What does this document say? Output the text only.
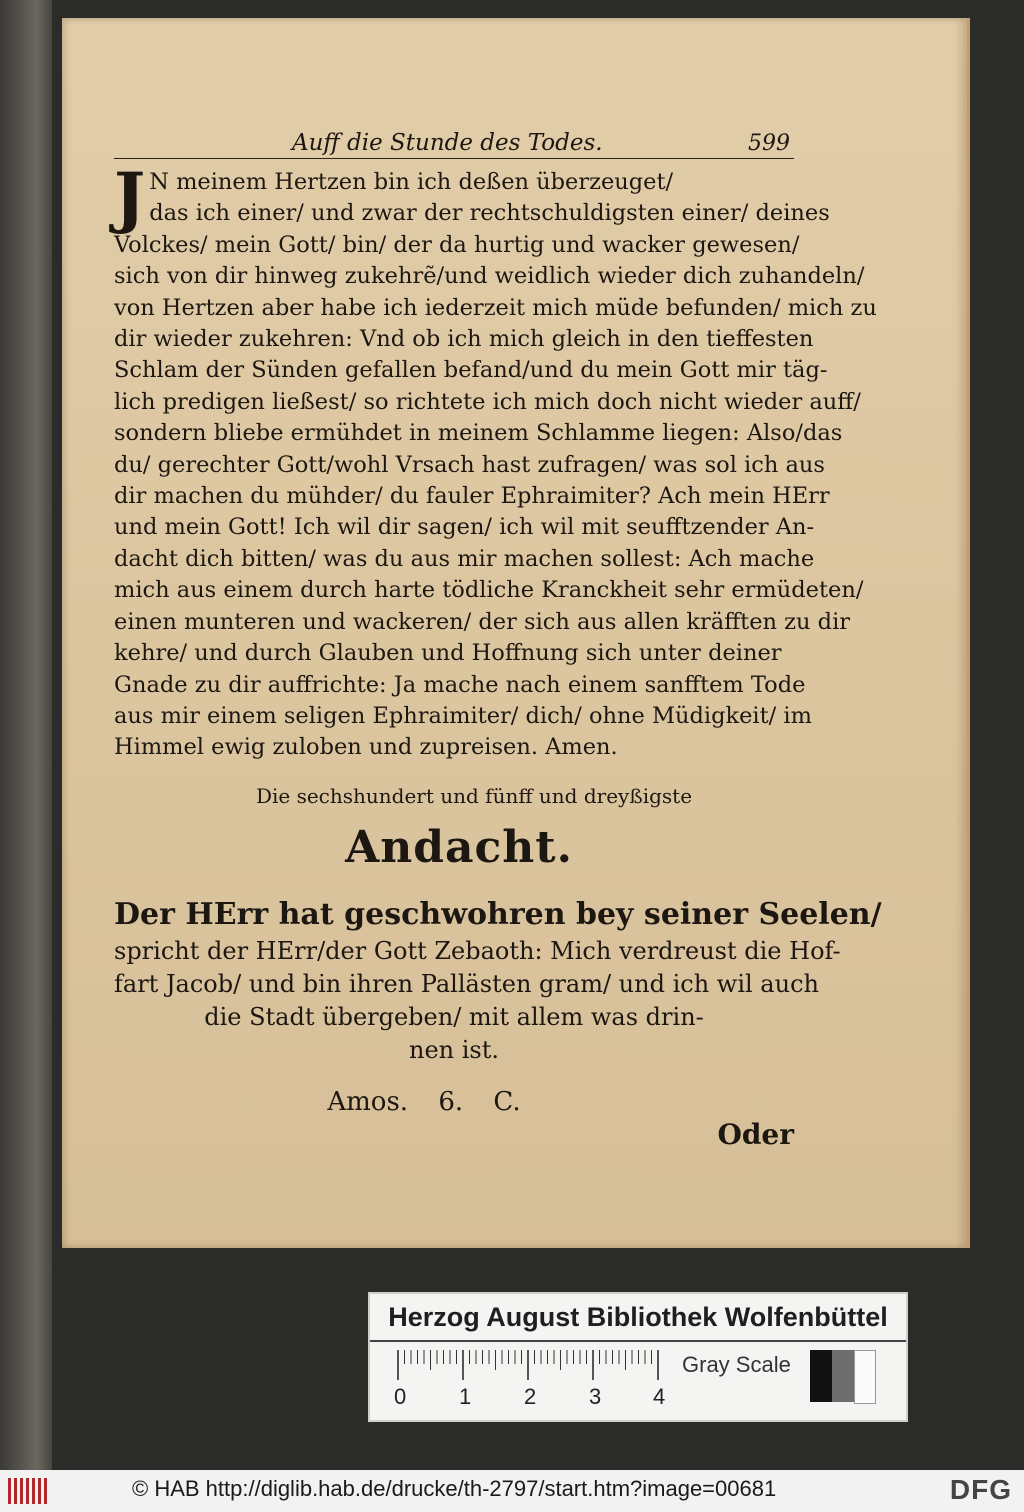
Auff die Stunde des Todes.	599
J N meinem Hertzen bin ich deßen überzeuget/
das ich einer/ und zwar der rechtschuldigsten einer/ deines
Volckes/ mein Gott/ bin/ der da hurtig und wacker gewesen/
sich von dir hinweg zukehrẽ/und weidlich wieder dich zuhandeln/
von Hertzen aber habe ich iederzeit mich müde befunden/ mich zu
dir wieder zukehren: Vnd ob ich mich gleich in den tieffesten
Schlam der Sünden gefallen befand/und du mein Gott mir täg-
lich predigen ließest/ so richtete ich mich doch nicht wieder auff/
sondern bliebe ermühdet in meinem Schlamme liegen: Also/das
du/ gerechter Gott/wohl Vrsach hast zufragen/ was sol ich aus
dir machen du mühder/ du fauler Ephraimiter? Ach mein HErr
und mein Gott! Ich wil dir sagen/ ich wil mit seufftzender An-
dacht dich bitten/ was du aus mir machen sollest: Ach mache
mich aus einem durch harte tödliche Kranckheit sehr ermüdeten/
einen munteren und wackeren/ der sich aus allen kräfften zu dir
kehre/ und durch Glauben und Hoffnung sich unter deiner
Gnade zu dir auffrichte: Ja mache nach einem sanfftem Tode
aus mir einem seligen Ephraimiter/ dich/ ohne Müdigkeit/ im
Himmel ewig zuloben und zupreisen. Amen.
Die sechshundert und fünff und dreyßigste
Andacht.
Der HErr hat geschwohren bey seiner Seelen/
spricht der HErr/der Gott Zebaoth: Mich verdreust die Hof-
fart Jacob/ und bin ihren Pallästen gram/ und ich wil auch
die Stadt übergeben/ mit allem was drin-
nen ist.
Amos. 6. C.
Oder
Herzog August Bibliothek Wolfenbüttel
0 1 2 3 4
Gray Scale
© HAB http://diglib.hab.de/drucke/th-2797/start.htm?image=00681	DFG
